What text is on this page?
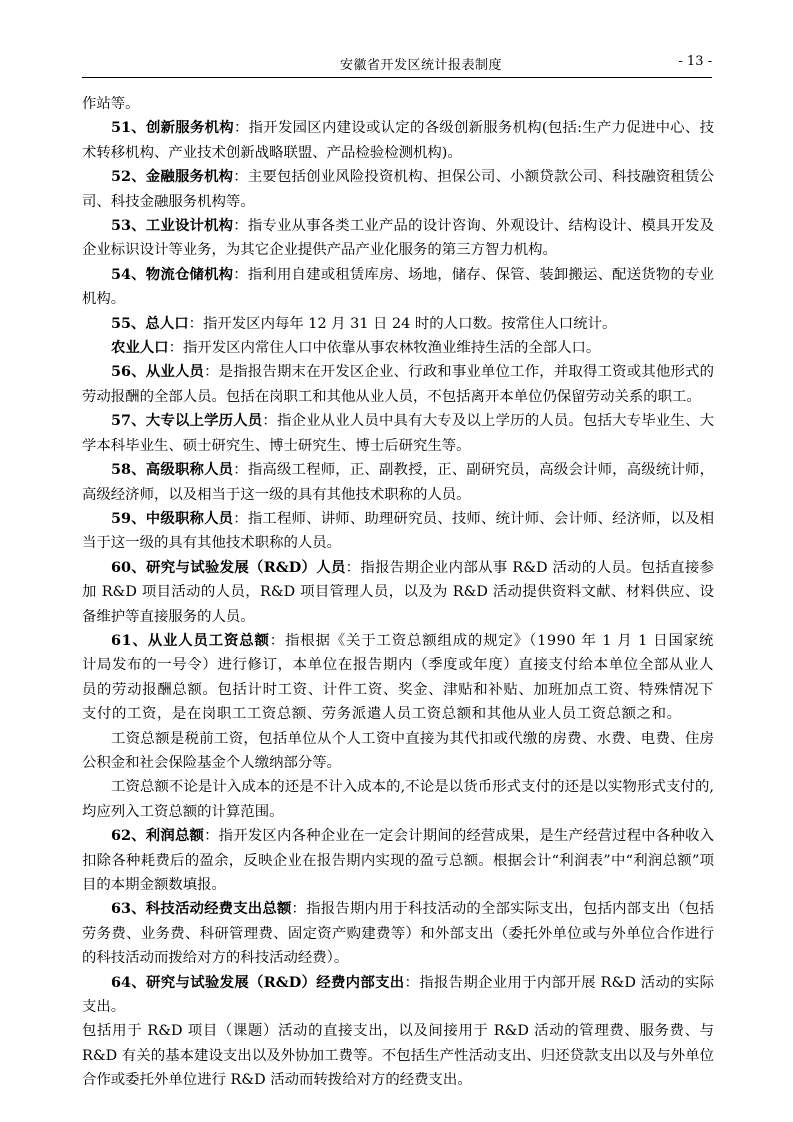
安徽省开发区统计报表制度	- 13 -

作站等。

51、创新服务机构：指开发园区内建设或认定的各级创新服务机构(包括:生产力促进中心、技术转移机构、产业技术创新战略联盟、产品检验检测机构)。

52、金融服务机构：主要包括创业风险投资机构、担保公司、小额贷款公司、科技融资租赁公司、科技金融服务机构等。

53、工业设计机构：指专业从事各类工业产品的设计咨询、外观设计、结构设计、模具开发及企业标识设计等业务，为其它企业提供产品产业化服务的第三方智力机构。

54、物流仓储机构：指利用自建或租赁库房、场地，储存、保管、装卸搬运、配送货物的专业机构。

55、总人口：指开发区内每年 12 月 31 日 24 时的人口数。按常住人口统计。

农业人口：指开发区内常住人口中依靠从事农林牧渔业维持生活的全部人口。

56、从业人员：是指报告期末在开发区企业、行政和事业单位工作，并取得工资或其他形式的劳动报酬的全部人员。包括在岗职工和其他从业人员，不包括离开本单位仍保留劳动关系的职工。

57、大专以上学历人员：指企业从业人员中具有大专及以上学历的人员。包括大专毕业生、大学本科毕业生、硕士研究生、博士研究生、博士后研究生等。

58、高级职称人员：指高级工程师，正、副教授，正、副研究员，高级会计师，高级统计师，高级经济师，以及相当于这一级的具有其他技术职称的人员。

59、中级职称人员：指工程师、讲师、助理研究员、技师、统计师、会计师、经济师，以及相当于这一级的具有其他技术职称的人员。

60、研究与试验发展（R&D）人员：指报告期企业内部从事 R&D 活动的人员。包括直接参加 R&D 项目活动的人员，R&D 项目管理人员，以及为 R&D 活动提供资料文献、材料供应、设备维护等直接服务的人员。

61、从业人员工资总额：指根据《关于工资总额组成的规定》（1990 年 1 月 1 日国家统计局发布的一号令）进行修订，本单位在报告期内（季度或年度）直接支付给本单位全部从业人员的劳动报酬总额。包括计时工资、计件工资、奖金、津贴和补贴、加班加点工资、特殊情况下支付的工资，是在岗职工工资总额、劳务派遣人员工资总额和其他从业人员工资总额之和。

工资总额是税前工资，包括单位从个人工资中直接为其代扣或代缴的房费、水费、电费、住房公积金和社会保险基金个人缴纳部分等。

工资总额不论是计入成本的还是不计入成本的,不论是以货币形式支付的还是以实物形式支付的,均应列入工资总额的计算范围。

62、利润总额：指开发区内各种企业在一定会计期间的经营成果，是生产经营过程中各种收入扣除各种耗费后的盈余，反映企业在报告期内实现的盈亏总额。根据会计“利润表”中“利润总额”项目的本期金额数填报。

63、科技活动经费支出总额：指报告期内用于科技活动的全部实际支出，包括内部支出（包括劳务费、业务费、科研管理费、固定资产购建费等）和外部支出（委托外单位或与外单位合作进行的科技活动而拨给对方的科技活动经费）。

64、研究与试验发展（R&D）经费内部支出：指报告期企业用于内部开展 R&D 活动的实际支出。

包括用于 R&D 项目（课题）活动的直接支出，以及间接用于 R&D 活动的管理费、服务费、与 R&D 有关的基本建设支出以及外协加工费等。不包括生产性活动支出、归还贷款支出以及与外单位合作或委托外单位进行 R&D 活动而转拨给对方的经费支出。
